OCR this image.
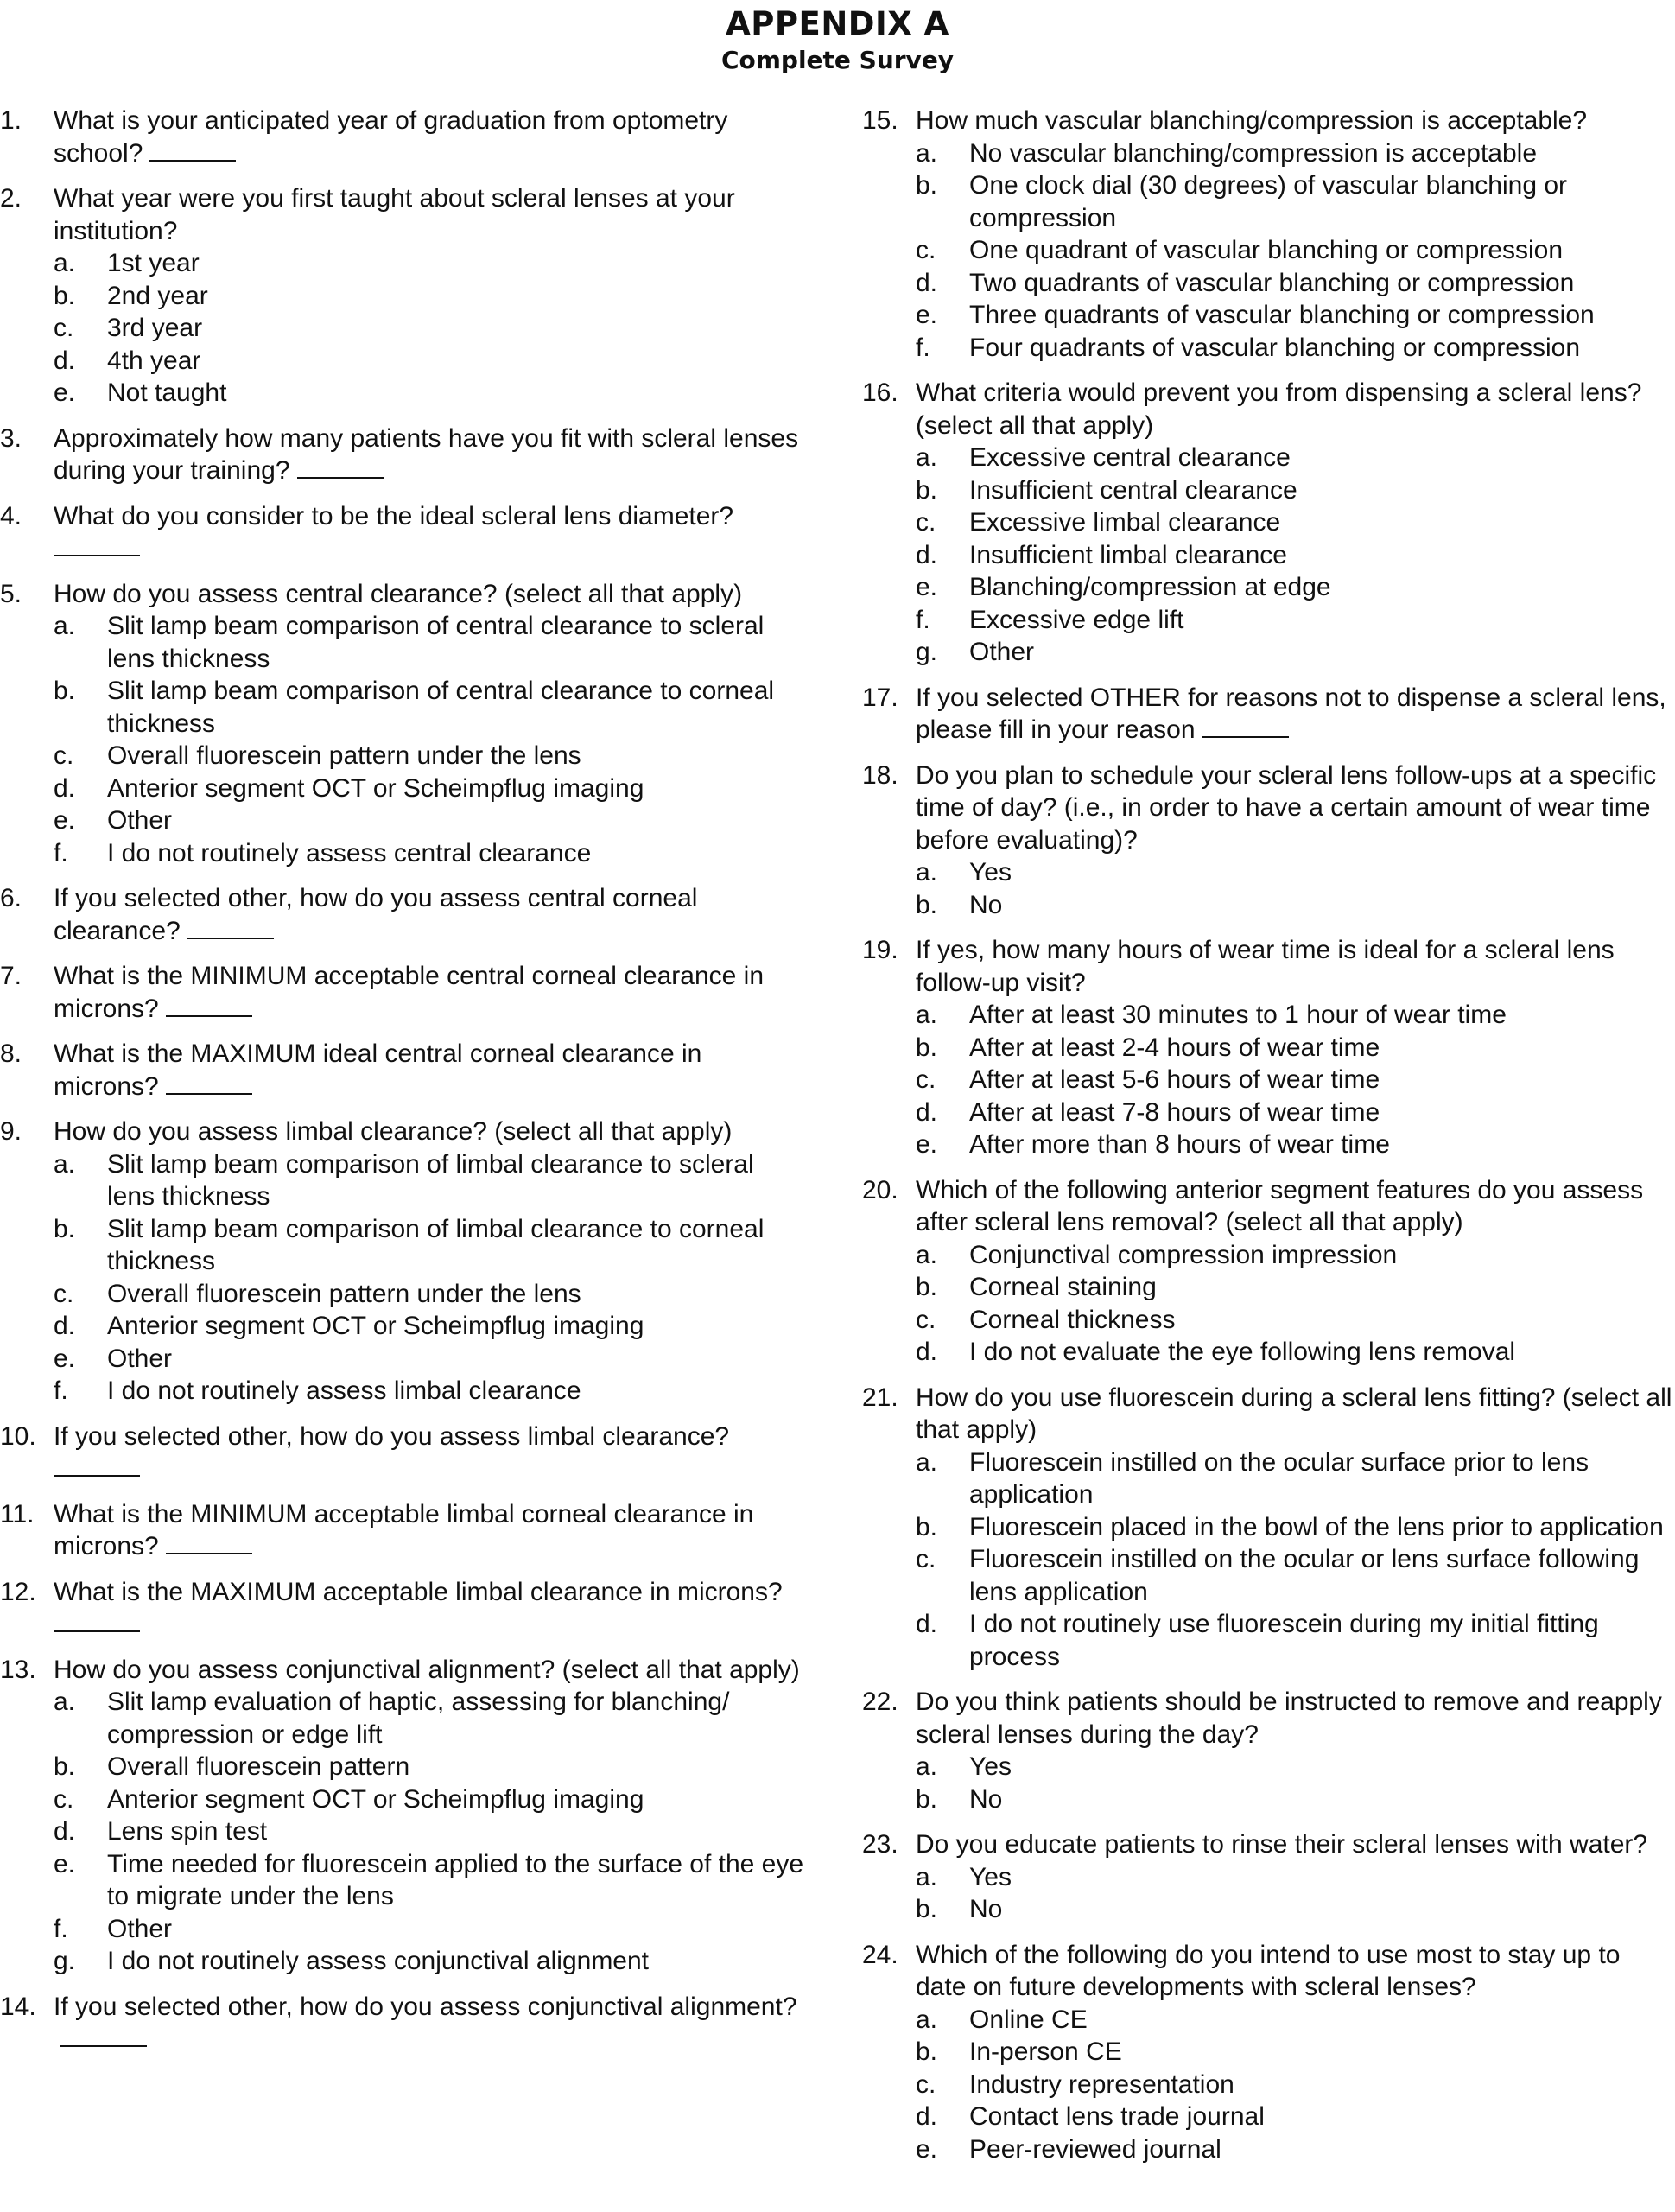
APPENDIX A
Complete Survey
1.	What is your anticipated year of graduation from optometry school?
2.	What year were you first taught about scleral lenses at your institution?
a.	1st year
b.	2nd year
c.	3rd year
d.	4th year
e.	Not taught
3.	Approximately how many patients have you fit with scleral lenses during your training?
4.	What do you consider to be the ideal scleral lens diameter?

5.	How do you assess central clearance? (select all that apply)
a.	Slit lamp beam comparison of central clearance to scleral lens thickness
b.	Slit lamp beam comparison of central clearance to corneal thickness
c.	Overall fluorescein pattern under the lens
d.	Anterior segment OCT or Scheimpflug imaging
e.	Other
f.	I do not routinely assess central clearance
6.	If you selected other, how do you assess central corneal clearance?
7.	What is the MINIMUM acceptable central corneal clearance in microns?
8.	What is the MAXIMUM ideal central corneal clearance in microns?
9.	How do you assess limbal clearance? (select all that apply)
a.	Slit lamp beam comparison of limbal clearance to scleral lens thickness
b.	Slit lamp beam comparison of limbal clearance to corneal thickness
c.	Overall fluorescein pattern under the lens
d.	Anterior segment OCT or Scheimpflug imaging
e.	Other
f.	I do not routinely assess limbal clearance
10. If you selected other, how do you assess limbal clearance?

11. What is the MINIMUM acceptable limbal corneal clearance in microns?
12. What is the MAXIMUM acceptable limbal clearance in microns?

13. How do you assess conjunctival alignment? (select all that apply)
a.	Slit lamp evaluation of haptic, assessing for blanching/ compression or edge lift
b.	Overall fluorescein pattern
c.	Anterior segment OCT or Scheimpflug imaging
d.	Lens spin test
e.	Time needed for fluorescein applied to the surface of the eye to migrate under the lens
f.	Other
g.	I do not routinely assess conjunctival alignment
14. If you selected other, how do you assess conjunctival alignment?
15. How much vascular blanching/compression is acceptable?
a.	No vascular blanching/compression is acceptable
b.	One clock dial (30 degrees) of vascular blanching or compression
c.	One quadrant of vascular blanching or compression
d.	Two quadrants of vascular blanching or compression
e.	Three quadrants of vascular blanching or compression
f.	Four quadrants of vascular blanching or compression
16. What criteria would prevent you from dispensing a scleral lens? (select all that apply)
a.	Excessive central clearance
b.	Insufficient central clearance
c.	Excessive limbal clearance
d.	Insufficient limbal clearance
e.	Blanching/compression at edge
f.	Excessive edge lift
g.	Other
17. If you selected OTHER for reasons not to dispense a scleral lens, please fill in your reason
18. Do you plan to schedule your scleral lens follow-ups at a specific time of day? (i.e., in order to have a certain amount of wear time before evaluating)?
a.	Yes
b.	No
19. If yes, how many hours of wear time is ideal for a scleral lens follow-up visit?
a.	After at least 30 minutes to 1 hour of wear time
b.	After at least 2-4 hours of wear time
c.	After at least 5-6 hours of wear time
d.	After at least 7-8 hours of wear time
e.	After more than 8 hours of wear time
20. Which of the following anterior segment features do you assess after scleral lens removal? (select all that apply)
a.	Conjunctival compression impression
b.	Corneal staining
c.	Corneal thickness
d.	I do not evaluate the eye following lens removal
21. How do you use fluorescein during a scleral lens fitting? (select all that apply)
a.	Fluorescein instilled on the ocular surface prior to lens application
b.	Fluorescein placed in the bowl of the lens prior to application
c.	Fluorescein instilled on the ocular or lens surface following lens application
d.	I do not routinely use fluorescein during my initial fitting process
22. Do you think patients should be instructed to remove and reapply scleral lenses during the day?
a.	Yes
b.	No
23. Do you educate patients to rinse their scleral lenses with water?
a.	Yes
b.	No
24. Which of the following do you intend to use most to stay up to date on future developments with scleral lenses?
a.	Online CE
b.	In-person CE
c.	Industry representation
d.	Contact lens trade journal
e.	Peer-reviewed journal
